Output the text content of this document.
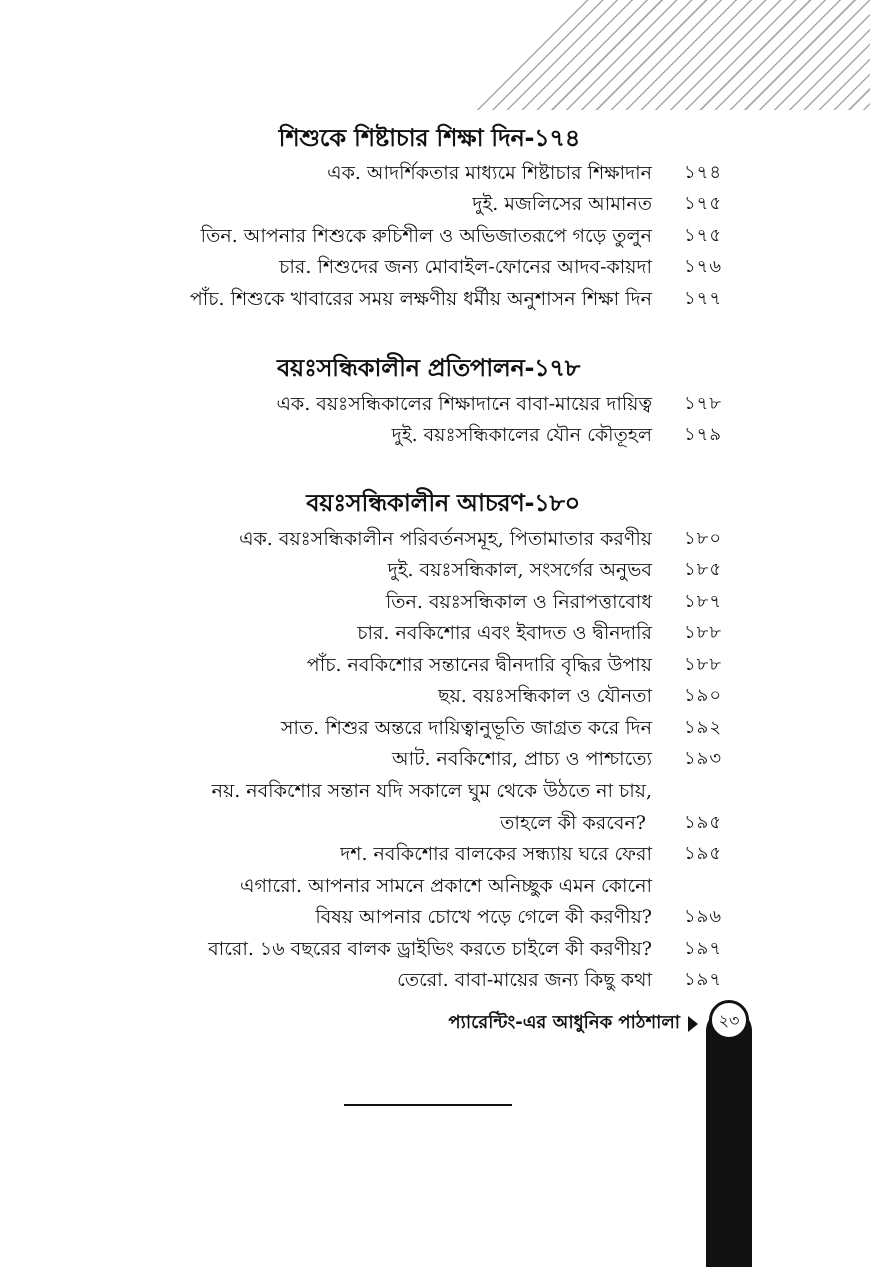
শিশুকে শিষ্টাচার শিক্ষা দিন-১৭৪
এক. আদর্শিকতার মাধ্যমে শিষ্টাচার শিক্ষাদান ১৭৪
দুই. মজলিসের আমানত ১৭৫
তিন. আপনার শিশুকে রুচিশীল ও অভিজাতরূপে গড়ে তুলুন ১৭৫
চার. শিশুদের জন্য মোবাইল-ফোনের আদব-কায়দা ১৭৬
পাঁচ. শিশুকে খাবারের সময় লক্ষণীয় ধর্মীয় অনুশাসন শিক্ষা দিন ১৭৭
বয়ঃসন্ধিকালীন প্রতিপালন-১৭৮
এক. বয়ঃসন্ধিকালের শিক্ষাদানে বাবা-মায়ের দায়িত্ব ১৭৮
দুই. বয়ঃসন্ধিকালের যৌন কৌতূহল ১৭৯
বয়ঃসন্ধিকালীন আচরণ-১৮০
এক. বয়ঃসন্ধিকালীন পরিবর্তনসমূহ, পিতামাতার করণীয় ১৮০
দুই. বয়ঃসন্ধিকাল, সংসর্গের অনুভব ১৮৫
তিন. বয়ঃসন্ধিকাল ও নিরাপত্তাবোধ ১৮৭
চার. নবকিশোর এবং ইবাদত ও দ্বীনদারি ১৮৮
পাঁচ. নবকিশোর সন্তানের দ্বীনদারি বৃদ্ধির উপায় ১৮৮
ছয়. বয়ঃসন্ধিকাল ও যৌনতা ১৯০
সাত. শিশুর অন্তরে দায়িত্বানুভূতি জাগ্রত করে দিন ১৯২
আট. নবকিশোর, প্রাচ্য ও পাশ্চাত্যে ১৯৩
নয়. নবকিশোর সন্তান যদি সকালে ঘুম থেকে উঠতে না চায়,
তাহলে কী করবেন? ১৯৫
দশ. নবকিশোর বালকের সন্ধ্যায় ঘরে ফেরা ১৯৫
এগারো. আপনার সামনে প্রকাশে অনিচ্ছুক এমন কোনো
বিষয় আপনার চোখে পড়ে গেলে কী করণীয়? ১৯৬
বারো. ১৬ বছরের বালক ড্রাইভিং করতে চাইলে কী করণীয়? ১৯৭
তেরো. বাবা-মায়ের জন্য কিছু কথা ১৯৭
প্যারেন্টিং-এর আধুনিক পাঠশালা	২৩
